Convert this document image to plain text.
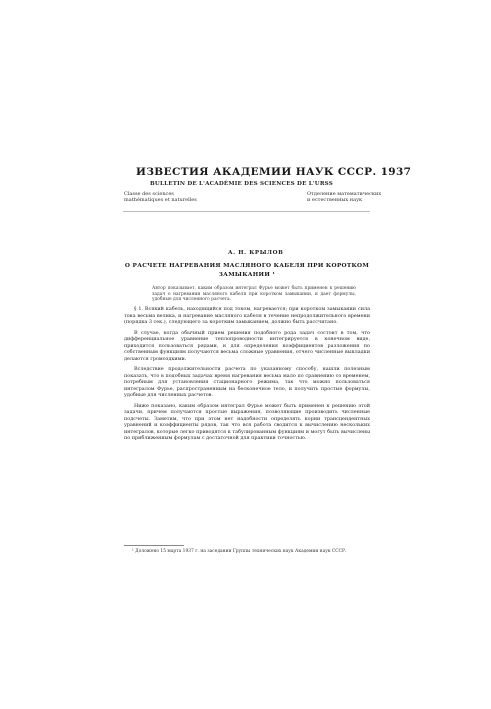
ИЗВЕСТИЯ АКАДЕМИИ НАУК СССР. 1937
BULLETIN DE L'ACADÉMIE DES SCIENCES DE L'URSS
Classe des sciences
mathématiques et naturelles
Отделение математических
и естественных наук
А. Н. КРЫЛОВ
О РАСЧЕТЕ НАГРЕВАНИЯ МАСЛЯНОГО КАБЕЛЯ ПРИ КОРОТКОМ ЗАМЫКАНИИ ¹
Автор показывает, каким образом интеграл Фурье может быть применен к решению задач о нагревании масляного кабеля при коротком замыкании, и дает формулы, удобные для численного расчета.

§ 1. Всякий кабель, находящийся под током, нагревается; при коротком замыкании сила тока весьма велика, и нагревание масляного кабеля в течение непродолжительного времени (порядка 3 сек.), следующего за коротким замыканием, должно быть рассчитано.

В случае, когда обычный прием решения подобного рода задач состоит в том, что дифференциальное уравнение теплопроводности интегрируется в конечном виде, приходится пользоваться рядами, и для определения коэффициентов разложения по собственным функциям получаются весьма сложные уравнения, отчего численные выкладки делаются громоздкими.

Вследствие продолжительности расчета по указанному способу, нашли полезным показать, что в подобных задачах время нагревания весьма мало по сравнению со временем, потребным для установления стационарного режима, так что можно пользоваться интегралом Фурье, распространенным на бесконечное тело, и получить простые формулы, удобные для численных расчетов.

Ниже показано, каким образом интеграл Фурье может быть применен к решению этой задачи, причем получаются простые выражения, позволяющие производить численные подсчеты. Заметим, что при этом нет надобности определять корни трансцендентных уравнений и коэффициенты рядов, так что вся работа сводится к вычислению нескольких интегралов, которые легко приводятся к табулированным функциям и могут быть вычислены по приближенным формулам с достаточной для практики точностью.

¹ Доложено 15 марта 1937 г. на заседании Группы технических наук Академии наук СССР.
